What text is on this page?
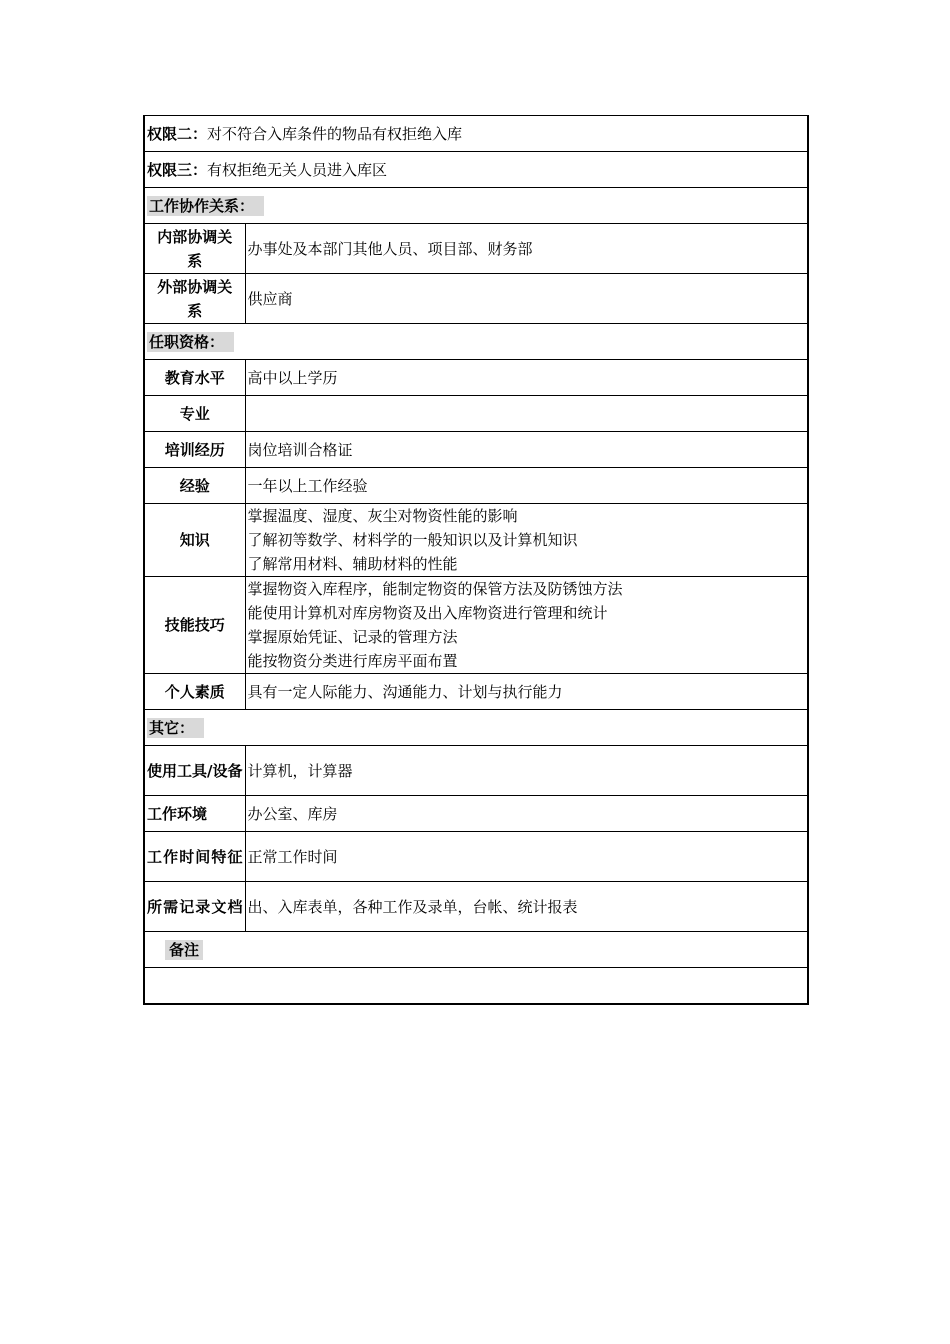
权限二：对不符合入库条件的物品有权拒绝入库	
权限三：有权拒绝无关人员进入库区	
工作协作关系：	
内部协调关系	办事处及本部门其他人员、项目部、财务部
外部协调关系	供应商
任职资格：	
教育水平	高中以上学历
专业	
培训经历	岗位培训合格证
经验	一年以上工作经验
知识	掌握温度、湿度、灰尘对物资性能的影响
了解初等数学、材料学的一般知识以及计算机知识
了解常用材料、辅助材料的性能

技能技巧	掌握物资入库程序，能制定物资的保管方法及防锈蚀方法
能使用计算机对库房物资及出入库物资进行管理和统计
掌握原始凭证、记录的管理方法
能按物资分类进行库房平面布置

个人素质	具有一定人际能力、沟通能力、计划与执行能力
其它：	
使用工具/设备	计算机，计算器
工作环境	办公室、库房
工作时间特征	正常工作时间
所需记录文档	出、入库表单，各种工作及录单，台帐、统计报表
备注	
